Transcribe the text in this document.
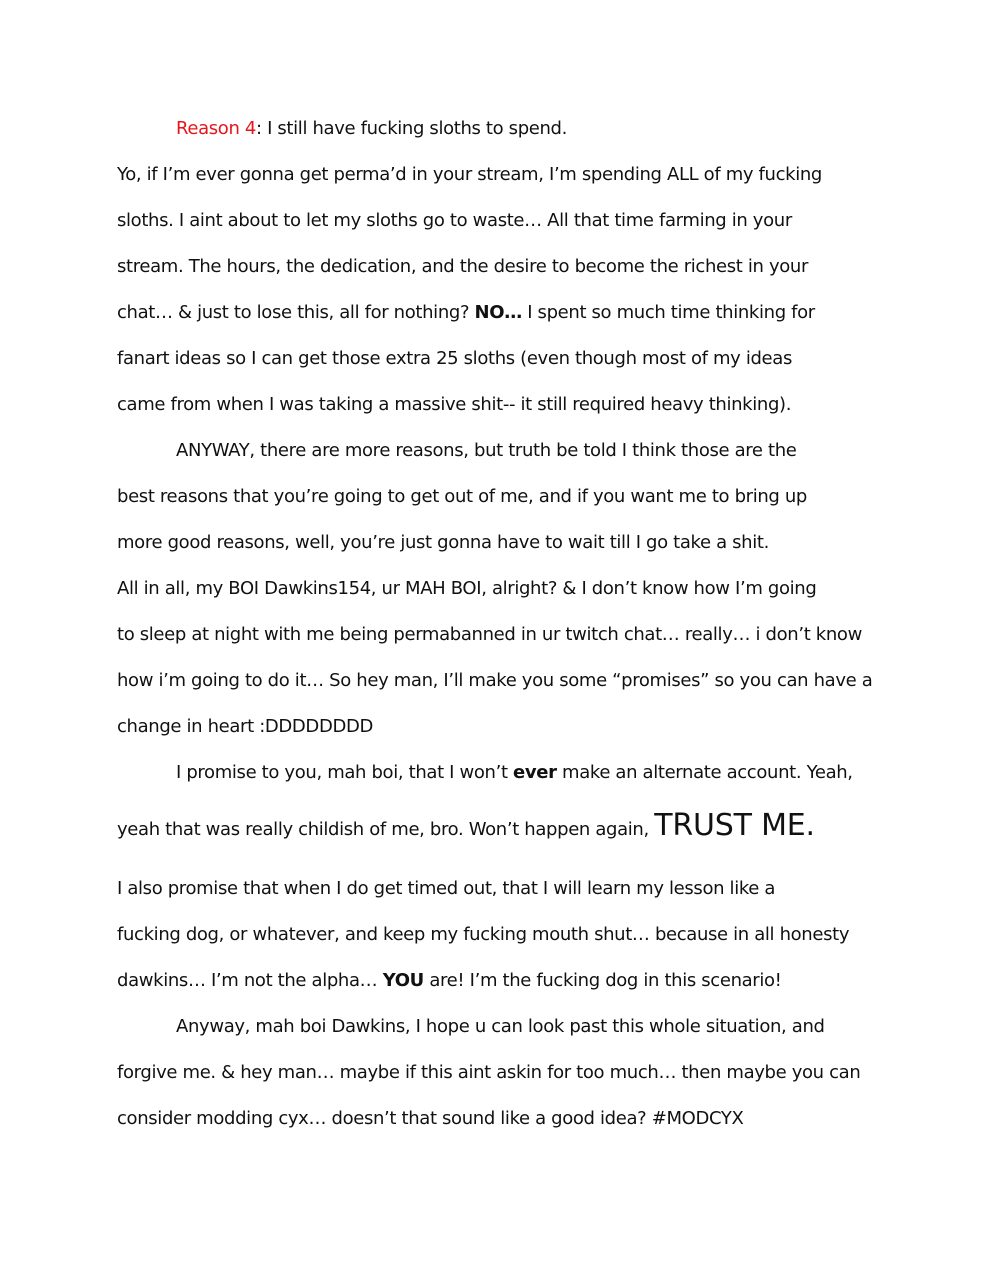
Reason 4: I still have fucking sloths to spend.
Yo, if I’m ever gonna get perma’d in your stream, I’m spending ALL of my fucking
sloths. I aint about to let my sloths go to waste… All that time farming in your
stream. The hours, the dedication, and the desire to become the richest in your
chat… & just to lose this, all for nothing? NO… I spent so much time thinking for
fanart ideas so I can get those extra 25 sloths (even though most of my ideas
came from when I was taking a massive shit-- it still required heavy thinking).
ANYWAY, there are more reasons, but truth be told I think those are the
best reasons that you’re going to get out of me, and if you want me to bring up
more good reasons, well, you’re just gonna have to wait till I go take a shit.
All in all, my BOI Dawkins154, ur MAH BOI, alright? & I don’t know how I’m going
to sleep at night with me being permabanned in ur twitch chat… really… i don’t know
how i’m going to do it… So hey man, I’ll make you some “promises” so you can have a
change in heart :DDDDDDDD
I promise to you, mah boi, that I won’t ever make an alternate account. Yeah,
yeah that was really childish of me, bro. Won’t happen again, TRUST ME.
I also promise that when I do get timed out, that I will learn my lesson like a
fucking dog, or whatever, and keep my fucking mouth shut… because in all honesty
dawkins… I’m not the alpha… YOU are! I’m the fucking dog in this scenario!
Anyway, mah boi Dawkins, I hope u can look past this whole situation, and
forgive me. & hey man… maybe if this aint askin for too much… then maybe you can
consider modding cyx… doesn’t that sound like a good idea? #MODCYX
